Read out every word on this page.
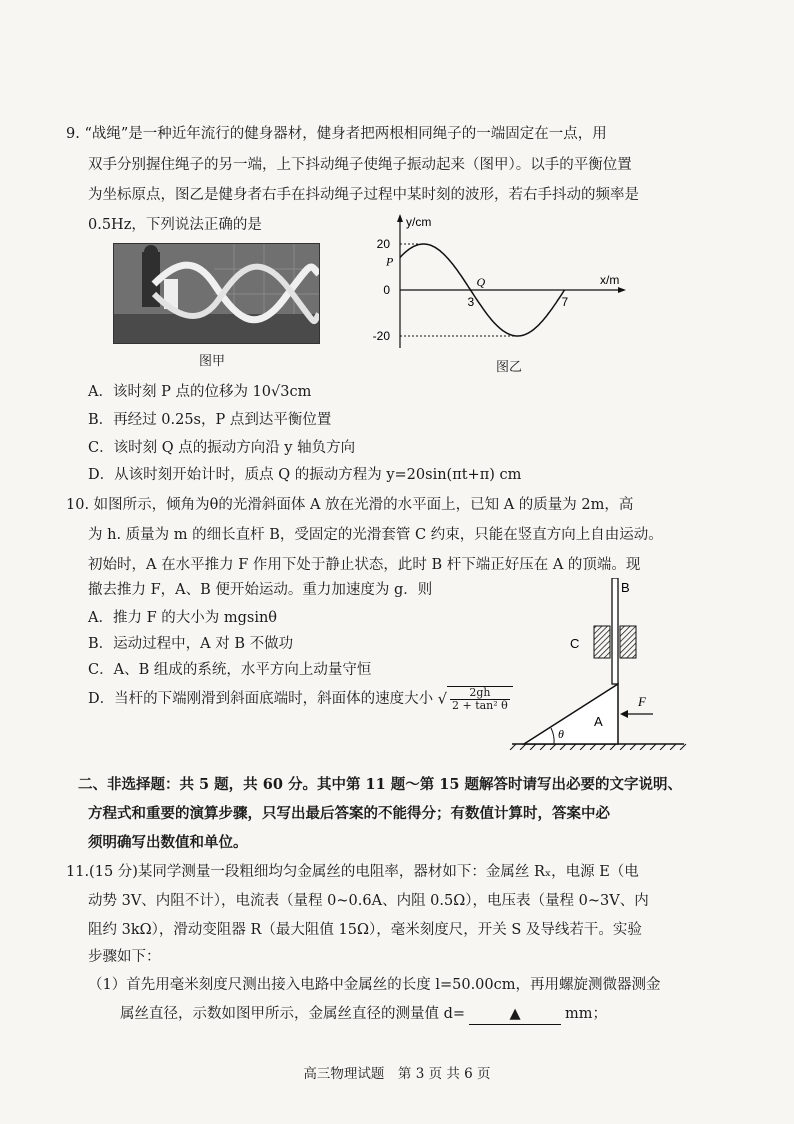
9. “战绳”是一种近年流行的健身器材，健身者把两根相同绳子的一端固定在一点，用
双手分别握住绳子的另一端，上下抖动绳子使绳子振动起来（图甲）。以手的平衡位置
为坐标原点，图乙是健身者右手在抖动绳子过程中某时刻的波形，若右手抖动的频率是
0.5Hz，下列说法正确的是
图甲
y/cm
x/m
20
0
-20
3	7
P
Q
图乙
A．该时刻 P 点的位移为 10√3cm
B．再经过 0.25s，P 点到达平衡位置
C．该时刻 Q 点的振动方向沿 y 轴负方向
D．从该时刻开始计时，质点 Q 的振动方程为 y=20sin(πt+π) cm
10. 如图所示，倾角为θ的光滑斜面体 A 放在光滑的水平面上，已知 A 的质量为 2m，高
为 h. 质量为 m 的细长直杆 B，受固定的光滑套管 C 约束，只能在竖直方向上自由运动。
初始时，A 在水平推力 F 作用下处于静止状态，此时 B 杆下端正好压在 A 的顶端。现
撤去推力 F，A、B 便开始运动。重力加速度为 g．则
A．推力 F 的大小为 mgsinθ
B．运动过程中，A 对 B 不做功
C．A、B 组成的系统，水平方向上动量守恒
D．当杆的下端刚滑到斜面底端时，斜面体的速度大小 √ $\frac{2gh}{\text{2 + tan² θ}}$
B
C
A
F
θ
二、非选择题：共 5 题，共 60 分。其中第 11 题～第 15 题解答时请写出必要的文字说明、
方程式和重要的演算步骤，只写出最后答案的不能得分；有数值计算时，答案中必
须明确写出数值和单位。
11.(15 分)某同学测量一段粗细均匀金属丝的电阻率，器材如下：金属丝 Rₓ，电源 E（电
动势 3V、内阻不计），电流表（量程 0~0.6A、内阻 0.5Ω），电压表（量程 0~3V、内
阻约 3kΩ），滑动变阻器 R（最大阻值 15Ω），毫米刻度尺，开关 S 及导线若干。实验
步骤如下：
（1）首先用毫米刻度尺测出接入电路中金属丝的长度 l=50.00cm，再用螺旋测微器测金
属丝直径，示数如图甲所示，金属丝直径的测量值 d=	▲	mm；
高三物理试题　第 3 页 共 6 页
